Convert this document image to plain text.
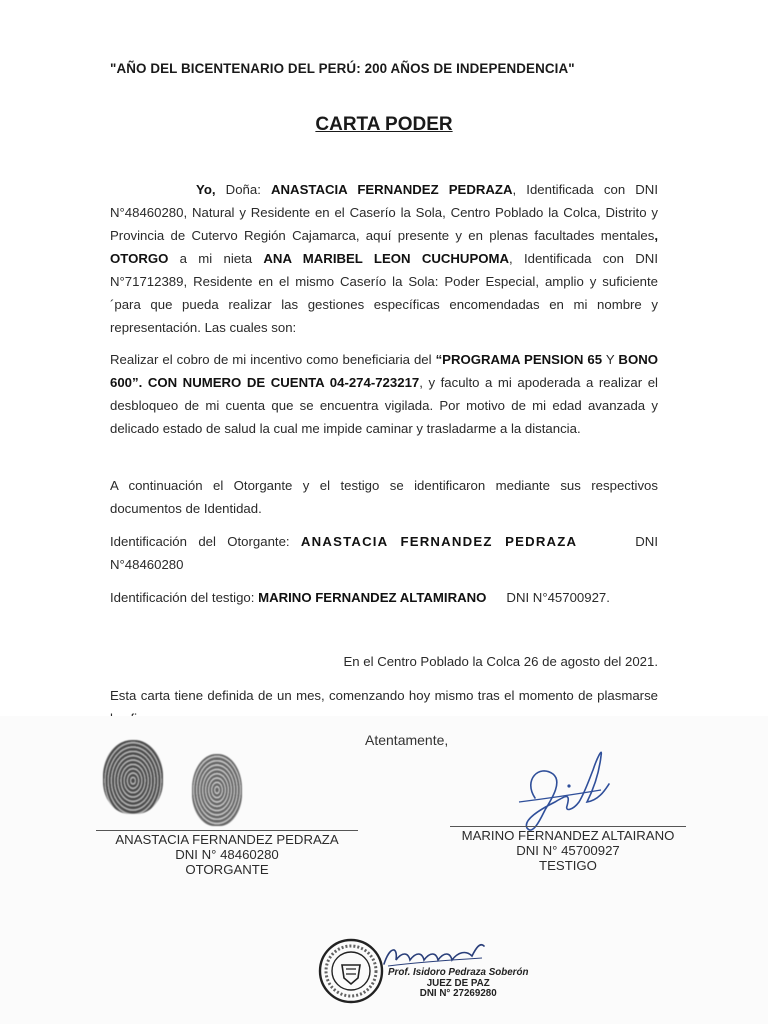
"AÑO DEL BICENTENARIO DEL PERÚ: 200 AÑOS DE INDEPENDENCIA"
CARTA PODER
Yo, Doña: ANASTACIA FERNANDEZ PEDRAZA, Identificada con DNI N°48460280, Natural y Residente en el Caserío la Sola, Centro Poblado la Colca, Distrito y Provincia de Cutervo Región Cajamarca, aquí presente y en plenas facultades mentales, OTORGO a mi nieta ANA MARIBEL LEON CUCHUPOMA, Identificada con DNI N°71712389, Residente en el mismo Caserío la Sola: Poder Especial, amplio y suficiente ´para que pueda realizar las gestiones específicas encomendadas en mi nombre y representación. Las cuales son:
Realizar el cobro de mi incentivo como beneficiaria del “PROGRAMA PENSION 65 Y BONO 600”. CON NUMERO DE CUENTA 04-274-723217, y faculto a mi apoderada a realizar el desbloqueo de mi cuenta que se encuentra vigilada. Por motivo de mi edad avanzada y delicado estado de salud la cual me impide caminar y trasladarme a la distancia.
A continuación el Otorgante y el testigo se identificaron mediante sus respectivos documentos de Identidad.
Identificación del Otorgante: ANASTACIA FERNANDEZ PEDRAZA	DNI N°48460280
Identificación del testigo: MARINO FERNANDEZ ALTAMIRANO DNI N°45700927.
En el Centro Poblado la Colca 26 de agosto del 2021.
Esta carta tiene definida de un mes, comenzando hoy mismo tras el momento de plasmarse
Atentamente,
ANASTACIA FERNANDEZ PEDRAZA
DNI N° 48460280
OTORGANTE
MARINO FERNANDEZ ALTAIRANO
DNI N° 45700927
TESTIGO
Prof. Isidoro Pedraza Soberón
JUEZ DE PAZ
DNI N° 27269280
